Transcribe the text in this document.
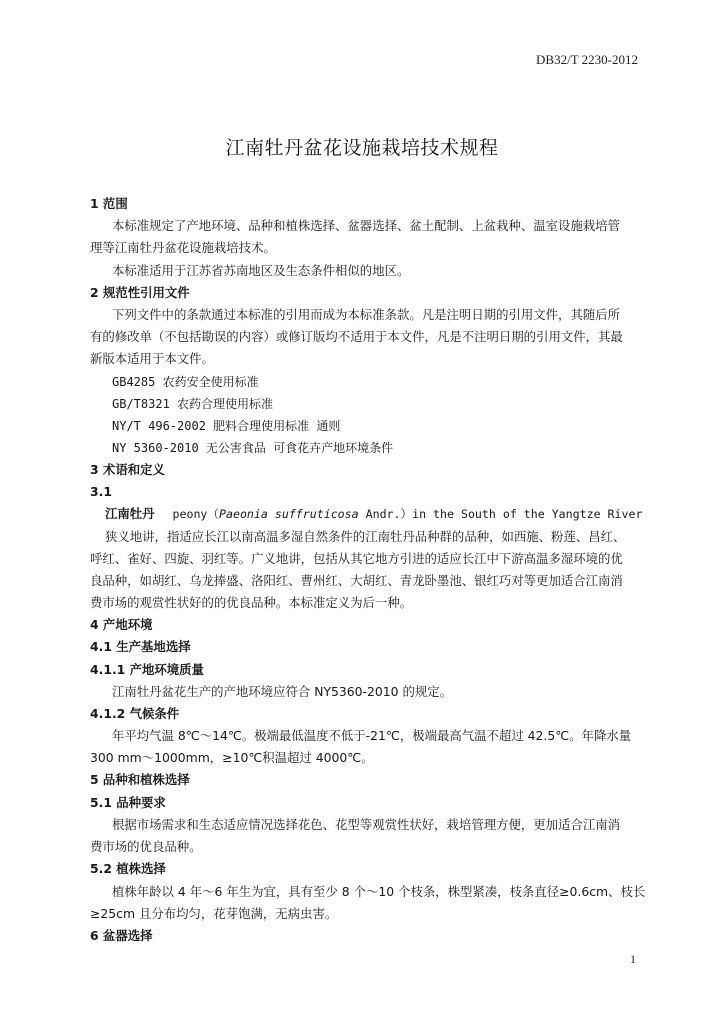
DB32/T 2230-2012
江南牡丹盆花设施栽培技术规程
1 范围
本标准规定了产地环境、品种和植株选择、盆器选择、盆土配制、上盆栽种、温室设施栽培管
理等江南牡丹盆花设施栽培技术。
本标准适用于江苏省苏南地区及生态条件相似的地区。
2 规范性引用文件
下列文件中的条款通过本标准的引用而成为本标准条款。凡是注明日期的引用文件，其随后所
有的修改单（不包括勘误的内容）或修订版均不适用于本文件，凡是不注明日期的引用文件，其最
新版本适用于本文件。
GB4285 农药安全使用标准
GB/T8321 农药合理使用标准
NY/T 496-2002 肥料合理使用标准 通则
NY 5360-2010 无公害食品 可食花卉产地环境条件
3 术语和定义
3.1
江南牡丹 peony（Paeonia suffruticosa Andr.）in the South of the Yangtze River
狭义地讲，指适应长江以南高温多湿自然条件的江南牡丹品种群的品种，如西施、粉莲、昌红、
呼红、雀好、四旋、羽红等。广义地讲，包括从其它地方引进的适应长江中下游高温多湿环境的优
良品种，如胡红、乌龙捧盛、洛阳红、曹州红、大胡红、青龙卧墨池、银红巧对等更加适合江南消
费市场的观赏性状好的的优良品种。本标准定义为后一种。
4 产地环境
4.1 生产基地选择
4.1.1 产地环境质量
江南牡丹盆花生产的产地环境应符合 NY5360-2010 的规定。
4.1.2 气候条件
年平均气温 8℃～14℃。极端最低温度不低于-21℃，极端最高气温不超过 42.5℃。年降水量
300 mm～1000mm，≥10℃积温超过 4000℃。
5 品种和植株选择
5.1 品种要求
根据市场需求和生态适应情况选择花色、花型等观赏性状好，栽培管理方便，更加适合江南消
费市场的优良品种。
5.2 植株选择
植株年龄以 4 年～6 年生为宜，具有至少 8 个～10 个枝条，株型紧凑，枝条直径≥0.6cm、枝长
≥25cm 且分布均匀，花芽饱满，无病虫害。
6 盆器选择
1
